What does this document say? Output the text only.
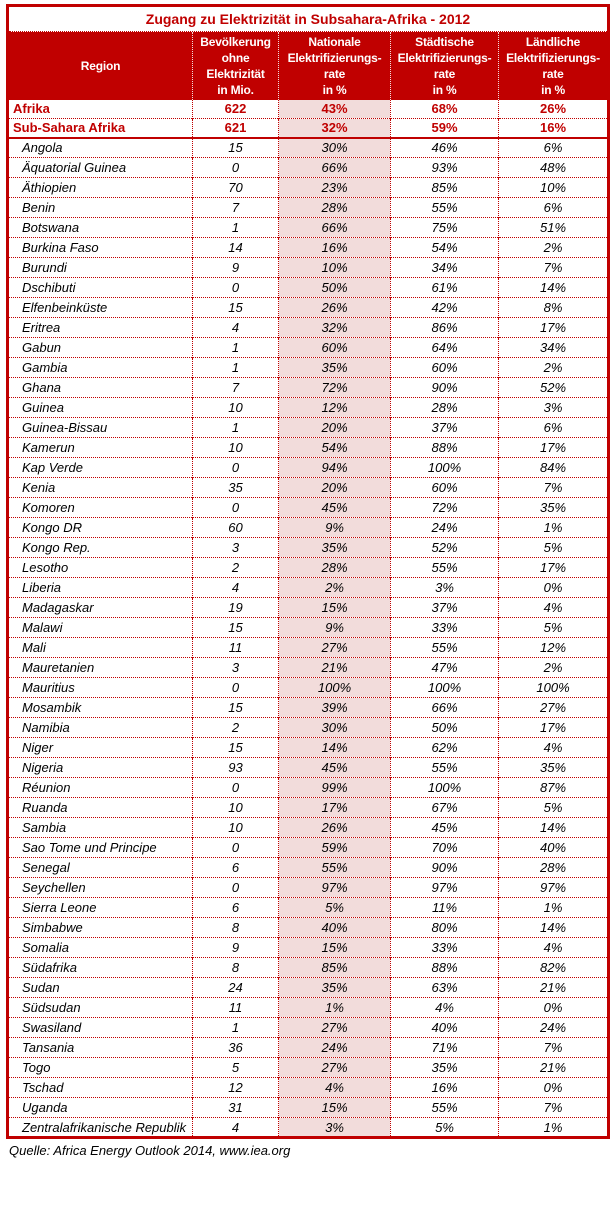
Zugang zu Elektrizität in Subsahara-Afrika - 2012				

Region

Bevölkerung
ohne
Elektrizität
in Mio.

Nationale
Elektrifizierungs-
rate
in %

Städtische
Elektrifizierungs-
rate
in %

Ländliche
Elektrifizierungs-
rate
in %

Afrika	622	43%	68%	26%
Sub-Sahara Afrika	621	32%	59%	16%
Angola	15	30%	46%	6%
Äquatorial Guinea	0	66%	93%	48%
Äthiopien	70	23%	85%	10%
Benin	7	28%	55%	6%
Botswana	1	66%	75%	51%
Burkina Faso	14	16%	54%	2%
Burundi	9	10%	34%	7%
Dschibuti	0	50%	61%	14%
Elfenbeinküste	15	26%	42%	8%
Eritrea	4	32%	86%	17%
Gabun	1	60%	64%	34%
Gambia	1	35%	60%	2%
Ghana	7	72%	90%	52%
Guinea	10	12%	28%	3%
Guinea-Bissau	1	20%	37%	6%
Kamerun	10	54%	88%	17%
Kap Verde	0	94%	100%	84%
Kenia	35	20%	60%	7%
Komoren	0	45%	72%	35%
Kongo DR	60	9%	24%	1%
Kongo Rep.	3	35%	52%	5%
Lesotho	2	28%	55%	17%
Liberia	4	2%	3%	0%
Madagaskar	19	15%	37%	4%
Malawi	15	9%	33%	5%
Mali	11	27%	55%	12%
Mauretanien	3	21%	47%	2%
Mauritius	0	100%	100%	100%
Mosambik	15	39%	66%	27%
Namibia	2	30%	50%	17%
Niger	15	14%	62%	4%
Nigeria	93	45%	55%	35%
Réunion	0	99%	100%	87%
Ruanda	10	17%	67%	5%
Sambia	10	26%	45%	14%
Sao Tome und Principe	0	59%	70%	40%
Senegal	6	55%	90%	28%
Seychellen	0	97%	97%	97%
Sierra Leone	6	5%	11%	1%
Simbabwe	8	40%	80%	14%
Somalia	9	15%	33%	4%
Südafrika	8	85%	88%	82%
Sudan	24	35%	63%	21%
Südsudan	11	1%	4%	0%
Swasiland	1	27%	40%	24%
Tansania	36	24%	71%	7%
Togo	5	27%	35%	21%
Tschad	12	4%	16%	0%
Uganda	31	15%	55%	7%
Zentralafrikanische Republik	4	3%	5%	1%
Quelle: Africa Energy Outlook 2014, www.iea.org
